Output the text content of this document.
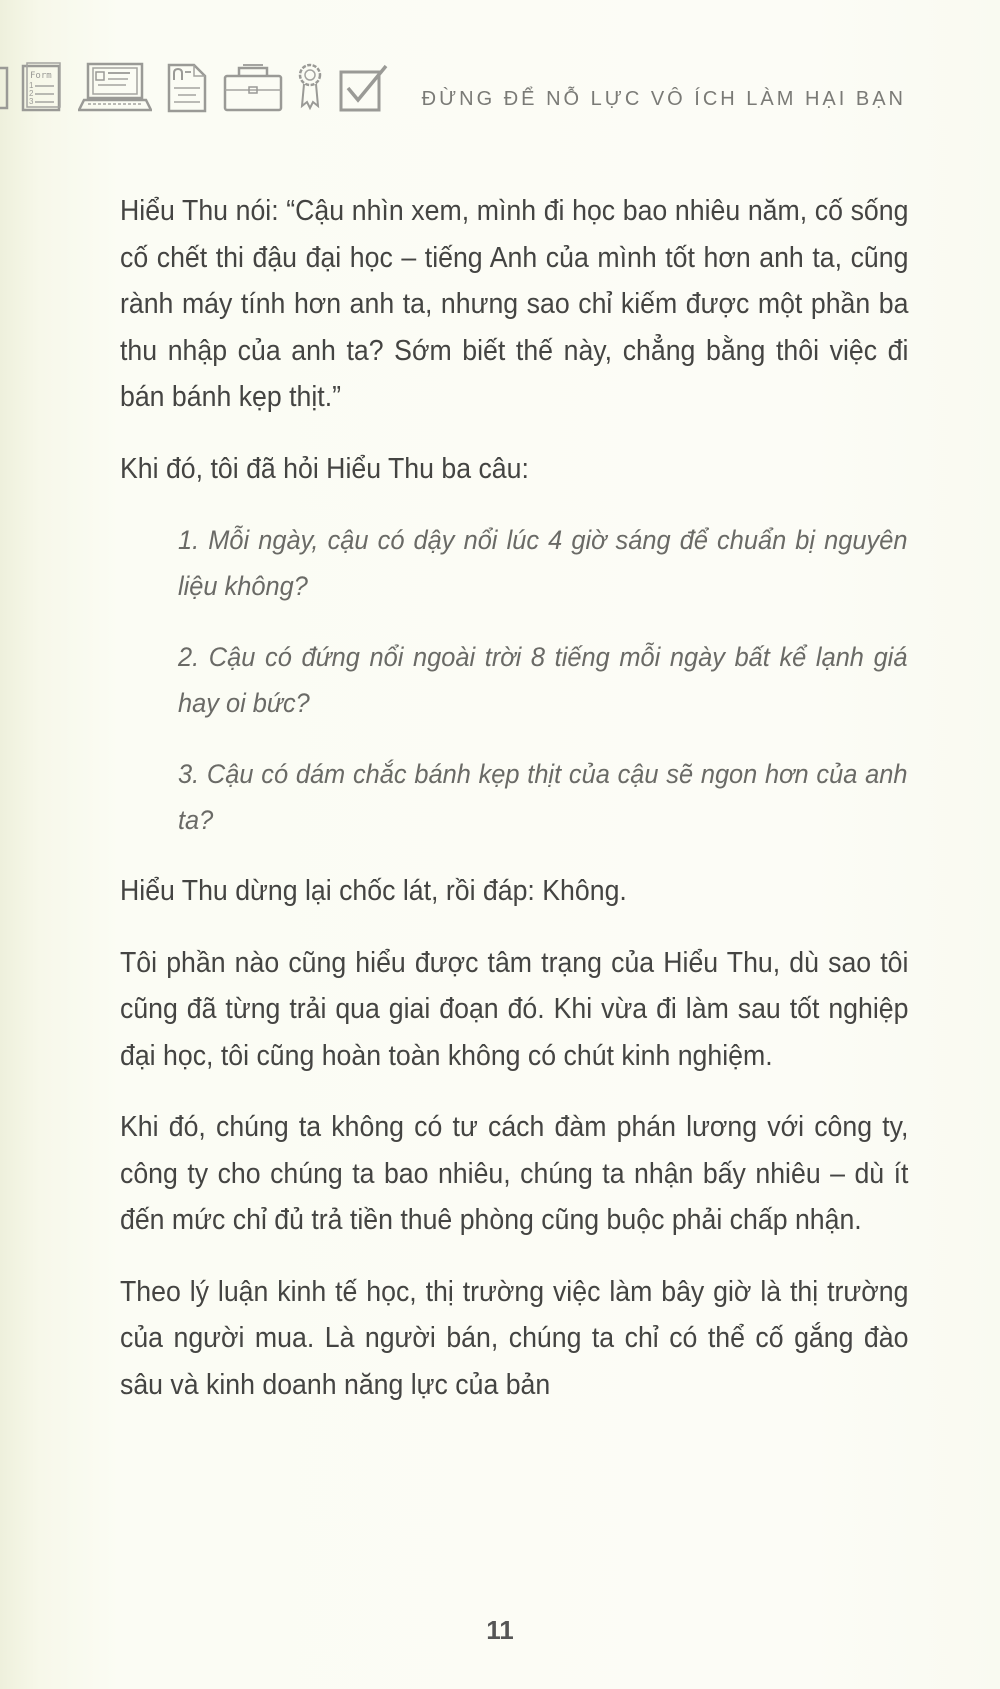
Form
1
2
3	ĐỪNG ĐỂ NỖ LỰC VÔ ÍCH LÀM HẠI BẠN

Hiểu Thu nói: “Cậu nhìn xem, mình đi học bao nhiêu năm, cố sống cố chết thi đậu đại học – tiếng Anh của mình tốt hơn anh ta, cũng rành máy tính hơn anh ta, nhưng sao chỉ kiếm được một phần ba thu nhập của anh ta? Sớm biết thế này, chẳng bằng thôi việc đi bán bánh kẹp thịt.”

Khi đó, tôi đã hỏi Hiểu Thu ba câu:

1. Mỗi ngày, cậu có dậy nổi lúc 4 giờ sáng để chuẩn bị nguyên liệu không?

2. Cậu có đứng nổi ngoài trời 8 tiếng mỗi ngày bất kể lạnh giá hay oi bức?

3. Cậu có dám chắc bánh kẹp thịt của cậu sẽ ngon hơn của anh ta?

Hiểu Thu dừng lại chốc lát, rồi đáp: Không.

Tôi phần nào cũng hiểu được tâm trạng của Hiểu Thu, dù sao tôi cũng đã từng trải qua giai đoạn đó. Khi vừa đi làm sau tốt nghiệp đại học, tôi cũng hoàn toàn không có chút kinh nghiệm.

Khi đó, chúng ta không có tư cách đàm phán lương với công ty, công ty cho chúng ta bao nhiêu, chúng ta nhận bấy nhiêu – dù ít đến mức chỉ đủ trả tiền thuê phòng cũng buộc phải chấp nhận.

Theo lý luận kinh tế học, thị trường việc làm bây giờ là thị trường của người mua. Là người bán, chúng ta chỉ có thể cố gắng đào sâu và kinh doanh năng lực của bản

11
